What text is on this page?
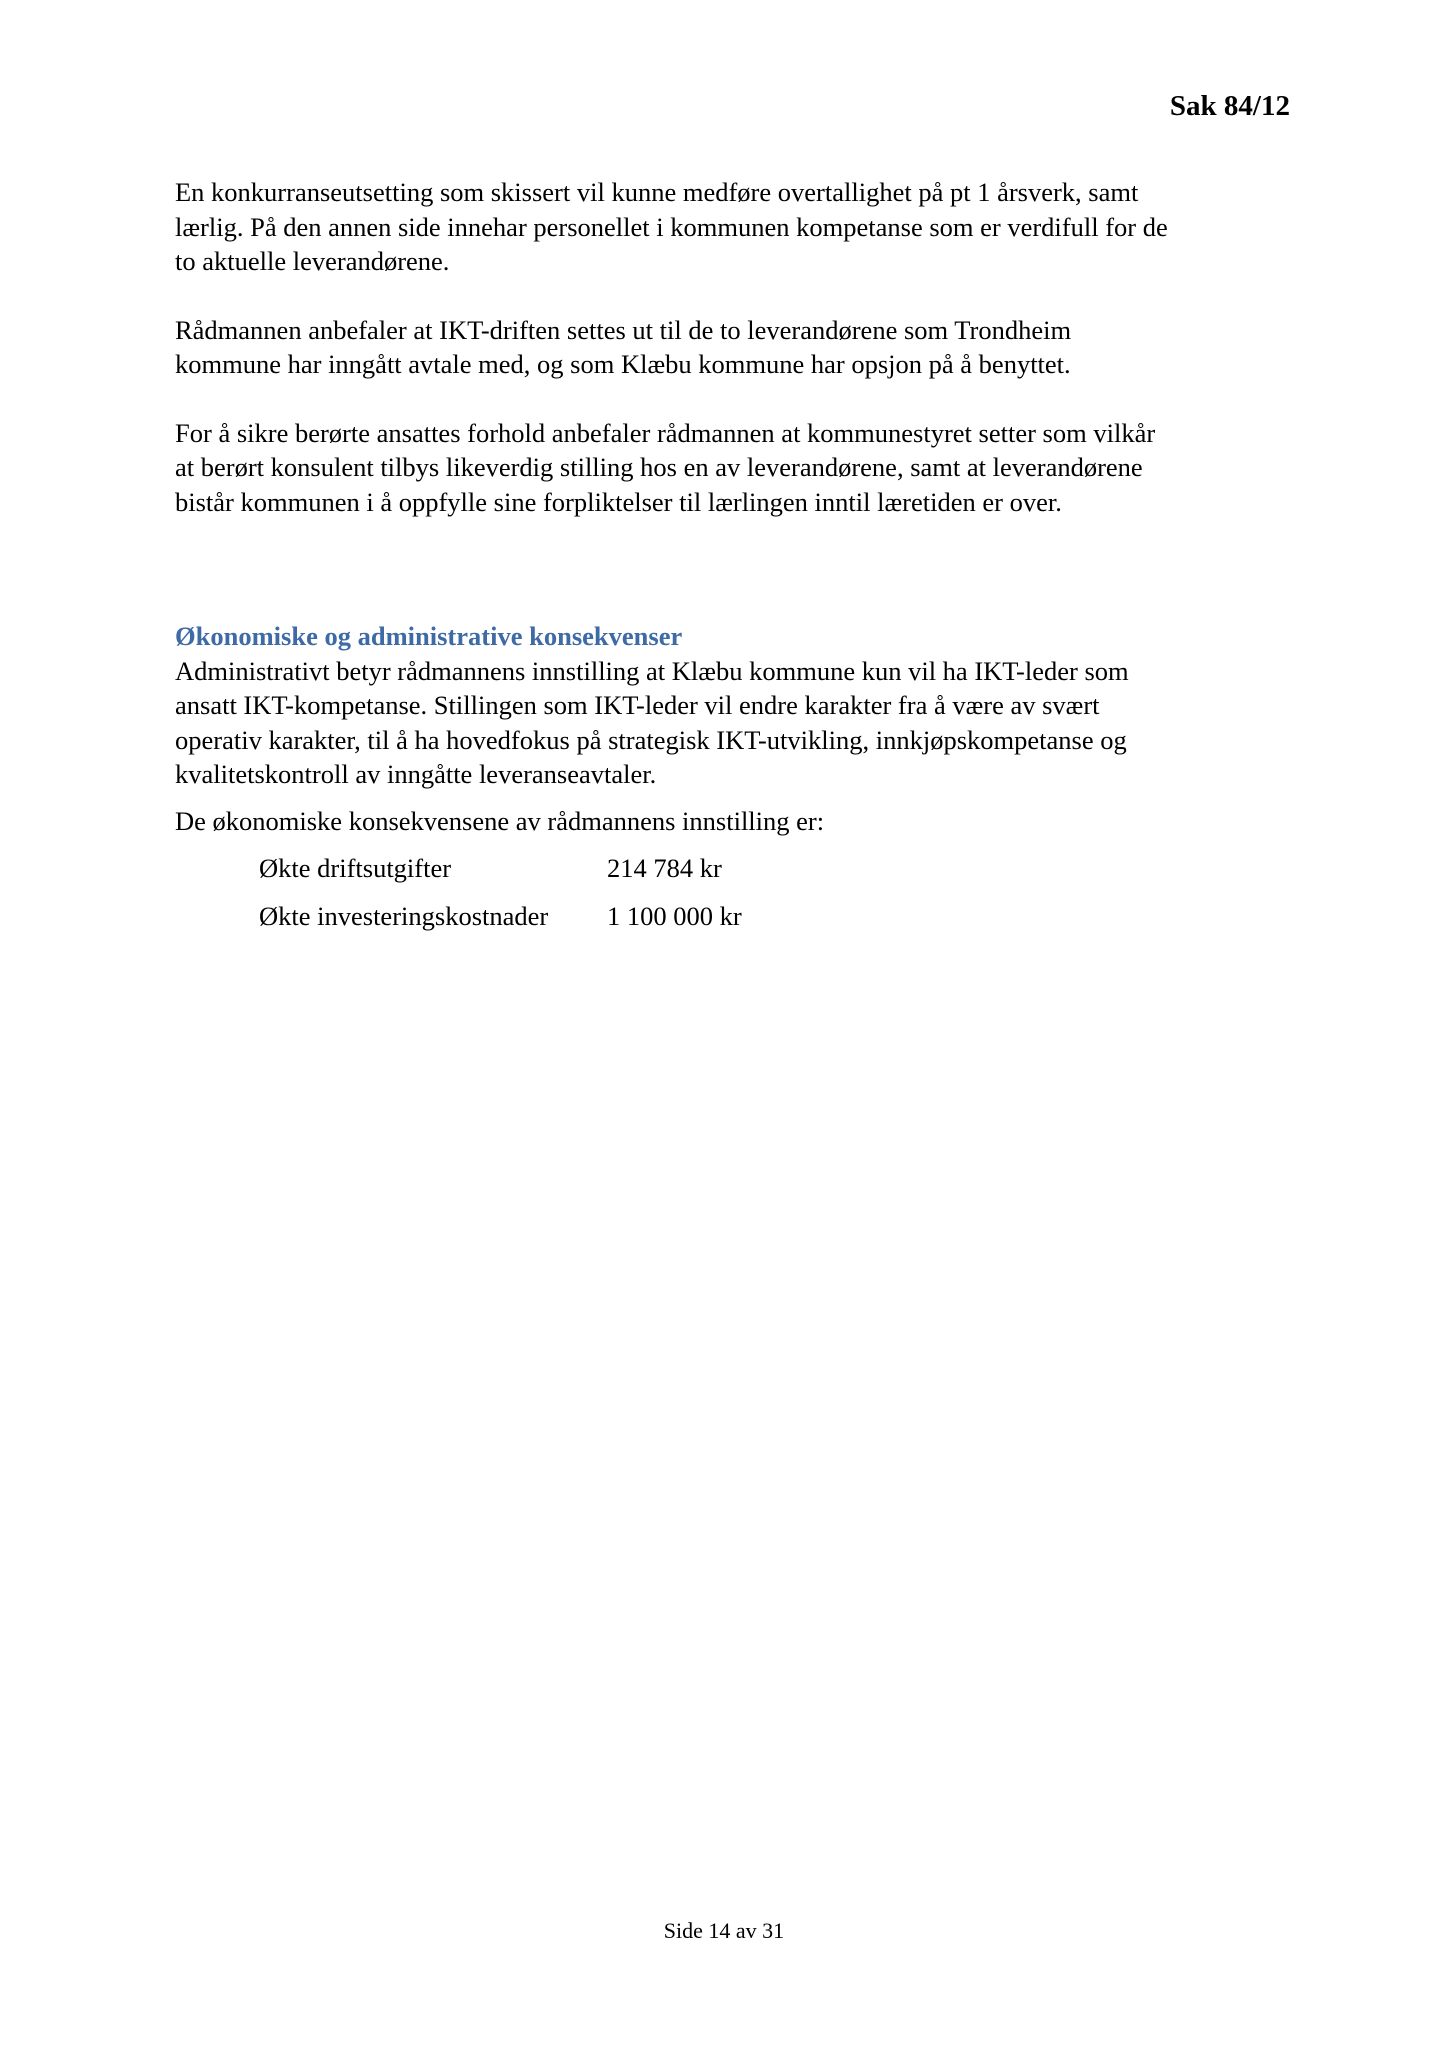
Sak 84/12

En konkurranseutsetting som skissert vil kunne medføre overtallighet på pt 1 årsverk, samt
lærlig. På den annen side innehar personellet i kommunen kompetanse som er verdifull for de
to aktuelle leverandørene.

Rådmannen anbefaler at IKT-driften settes ut til de to leverandørene som Trondheim
kommune har inngått avtale med, og som Klæbu kommune har opsjon på å benyttet.

For å sikre berørte ansattes forhold anbefaler rådmannen at kommunestyret setter som vilkår
at berørt konsulent tilbys likeverdig stilling hos en av leverandørene, samt at leverandørene
bistår kommunen i å oppfylle sine forpliktelser til lærlingen inntil læretiden er over.

Økonomiske og administrative konsekvenser

Administrativt betyr rådmannens innstilling at Klæbu kommune kun vil ha IKT-leder som
ansatt IKT-kompetanse. Stillingen som IKT-leder vil endre karakter fra å være av svært
operativ karakter, til å ha hovedfokus på strategisk IKT-utvikling, innkjøpskompetanse og
kvalitetskontroll av inngåtte leveranseavtaler.

De økonomiske konsekvensene av rådmannens innstilling er:

Økte driftsutgifter	214 784 kr
Økte investeringskostnader	1 100 000 kr

Side 14 av 31
